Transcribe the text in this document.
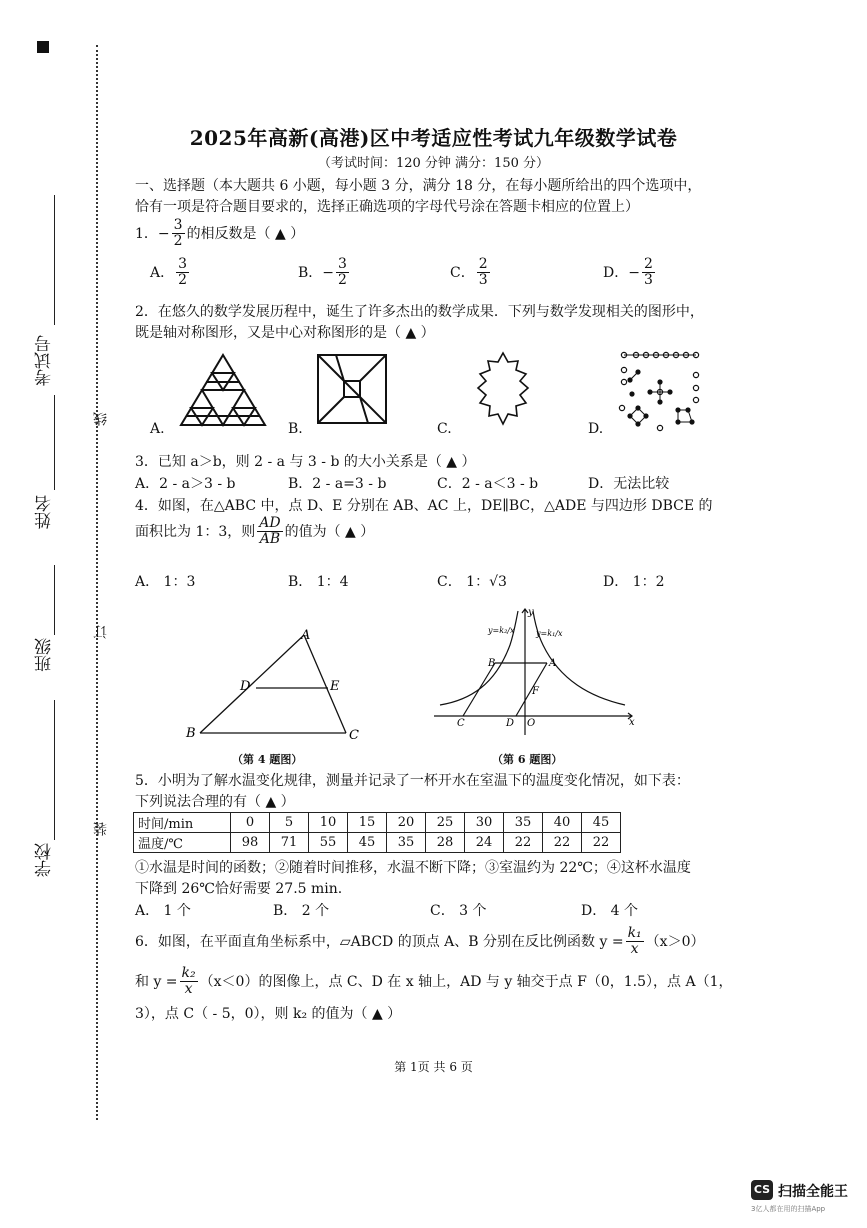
考试号
姓名
班级
学校
线
订
装
2025年高新(高港)区中考适应性考试九年级数学试卷
（考试时间：120 分钟 满分：150 分）
一、选择题（本大题共 6 小题，每小题 3 分，满分 18 分，在每小题所给出的四个选项中，
恰有一项是符合题目要求的，选择正确选项的字母代号涂在答题卡相应的位置上）
1．− $\frac{3}{2}$ 的相反数是（ ▲ ）
A． $\frac{3}{2}$	B．− $\frac{3}{2}$	C． $\frac{2}{3}$	D．− $\frac{2}{3}$
2．在悠久的数学发展历程中，诞生了许多杰出的数学成果．下列与数学发现相关的图形中，
既是轴对称图形，又是中心对称图形的是（ ▲ ）
A.	B.	C.	D.
3．已知 a＞b，则 2 - a 与 3 - b 的大小关系是（ ▲ ）
A．2 - a＞3 - b	B．2 - a=3 - b	C．2 - a＜3 - b	D．无法比较
4．如图，在△ABC 中，点 D、E 分别在 AB、AC 上，DE∥BC，△ADE 与四边形 DBCE 的
面积比为 1：3，则 $\frac{AD}{AB}$ 的值为（ ▲ ）
A． 1：3	B． 1：4	C． 1：√3	D． 1：2
A
B	C
D	E
（第 4 题图）
y
x
O
A
B
C	D
F
y=k₂/x	y=k₁/x
（第 6 题图）
5．小明为了解水温变化规律，测量并记录了一杯开水在室温下的温度变化情况，如下表：
下列说法合理的有（ ▲ ）
时间/min	0	5	10	15	20	25	30	35	40	45
温度/℃	98	71	55	45	35	28	24	22	22	22
①水温是时间的函数；②随着时间推移，水温不断下降；③室温约为 22℃；④这杯水温度
下降到 26℃恰好需要 27.5 min.
A． 1 个	B． 2 个	C． 3 个	D． 4 个
6．如图，在平面直角坐标系中，▱ABCD 的顶点 A、B 分别在反比例函数 $y = \frac{\text{k₁}}{x} (x>0)$
和 $y = \frac{\text{k₂}}{x} (x<0)$的图像上，点 C、D 在 x 轴上，AD 与 y 轴交于点 F（0，1.5），点 A（1，
3），点 C（ - 5，0），则 k₂ 的值为（ ▲ ）
第 1页 共 6 页
CS 扫描全能王
3亿人都在用的扫描App
